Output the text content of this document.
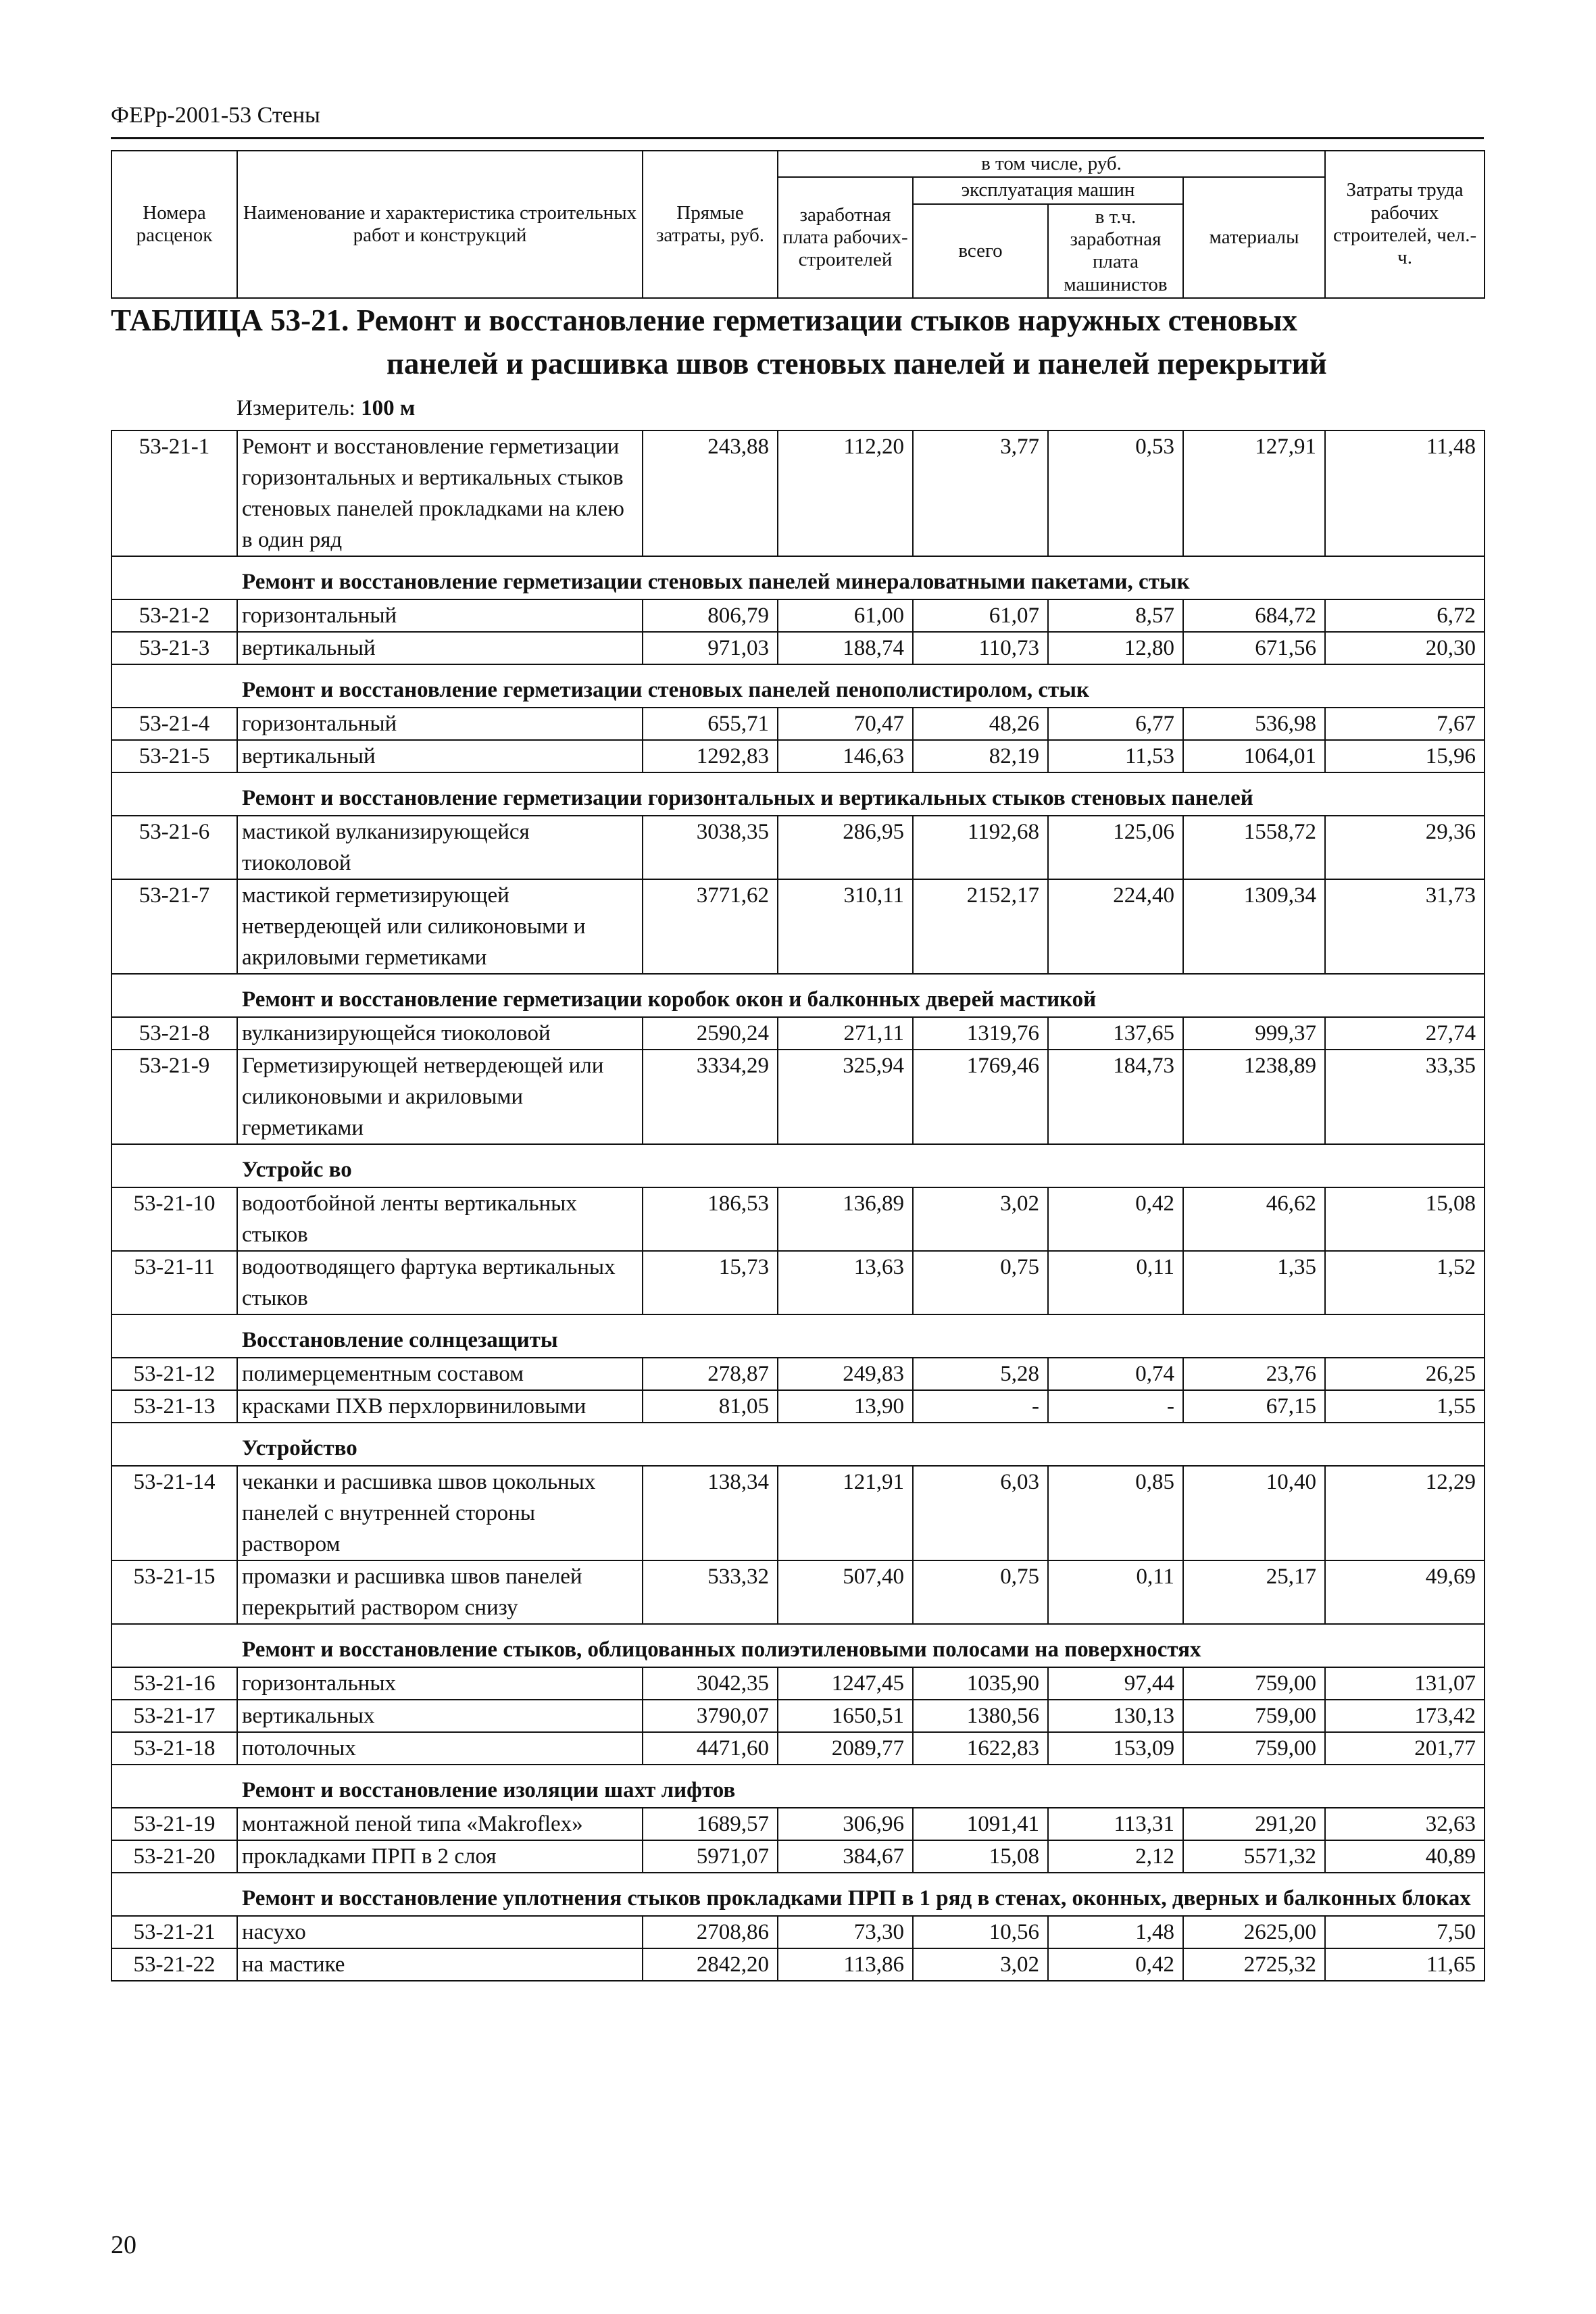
ФЕРр-2001-53 Стены
Номера расценок	Наименование и характеристика строительных работ и конструкций	Прямые затраты, руб.	в том числе, руб.				Затраты труда рабочих строителей, чел.-ч.
			заработная плата рабочих-строителей	эксплуатация машин		материалы	
				всего	в т.ч. заработная плата машинистов		

ТАБЛИЦА 53-21. Ремонт и восстановление герметизации стыков наружных стеновых
панелей и расшивка швов стеновых панелей и панелей перекрытий
Измеритель: 100 м
53-21-1	Ремонт и восстановление герметизации горизонтальных и вертикальных стыков стеновых панелей прокладками на клею в один ряд	243,88	112,20	3,77	0,53	127,91	11,48
Ремонт и восстановление герметизации стеновых панелей минераловатными пакетами, стык							
53-21-2	горизонтальный	806,79	61,00	61,07	8,57	684,72	6,72
53-21-3	вертикальный	971,03	188,74	110,73	12,80	671,56	20,30
Ремонт и восстановление герметизации стеновых панелей пенополистиролом, стык							
53-21-4	горизонтальный	655,71	70,47	48,26	6,77	536,98	7,67
53-21-5	вертикальный	1292,83	146,63	82,19	11,53	1064,01	15,96
Ремонт и восстановление герметизации горизонтальных и вертикальных стыков стеновых панелей							
53-21-6	мастикой вулканизирующейся тиоколовой	3038,35	286,95	1192,68	125,06	1558,72	29,36
53-21-7	мастикой герметизирующей нетвердеющей или силиконовыми и акриловыми герметиками	3771,62	310,11	2152,17	224,40	1309,34	31,73
Ремонт и восстановление герметизации коробок окон и балконных дверей мастикой							
53-21-8	вулканизирующейся тиоколовой	2590,24	271,11	1319,76	137,65	999,37	27,74
53-21-9	Герметизирующей нетвердеющей или силиконовыми и акриловыми герметиками	3334,29	325,94	1769,46	184,73	1238,89	33,35
Устройс во							
53-21-10	водоотбойной ленты вертикальных стыков	186,53	136,89	3,02	0,42	46,62	15,08
53-21-11	водоотводящего фартука вертикальных стыков	15,73	13,63	0,75	0,11	1,35	1,52
Восстановление солнцезащиты							
53-21-12	полимерцементным составом	278,87	249,83	5,28	0,74	23,76	26,25
53-21-13	красками ПХВ перхлорвиниловыми	81,05	13,90	-	-	67,15	1,55
Устройство							
53-21-14	чеканки и расшивка швов цокольных панелей с внутренней стороны раствором	138,34	121,91	6,03	0,85	10,40	12,29
53-21-15	промазки и расшивка швов панелей перекрытий раствором снизу	533,32	507,40	0,75	0,11	25,17	49,69
Ремонт и восстановление стыков, облицованных полиэтиленовыми полосами на поверхностях							
53-21-16	горизонтальных	3042,35	1247,45	1035,90	97,44	759,00	131,07
53-21-17	вертикальных	3790,07	1650,51	1380,56	130,13	759,00	173,42
53-21-18	потолочных	4471,60	2089,77	1622,83	153,09	759,00	201,77
Ремонт и восстановление изоляции шахт лифтов							
53-21-19	монтажной пеной типа «Makroflex»	1689,57	306,96	1091,41	113,31	291,20	32,63
53-21-20	прокладками ПРП в 2 слоя	5971,07	384,67	15,08	2,12	5571,32	40,89
Ремонт и восстановление уплотнения стыков прокладками ПРП в 1 ряд в стенах, оконных, дверных и балконных блоках							
53-21-21	насухо	2708,86	73,30	10,56	1,48	2625,00	7,50
53-21-22	на мастике	2842,20	113,86	3,02	0,42	2725,32	11,65
20
